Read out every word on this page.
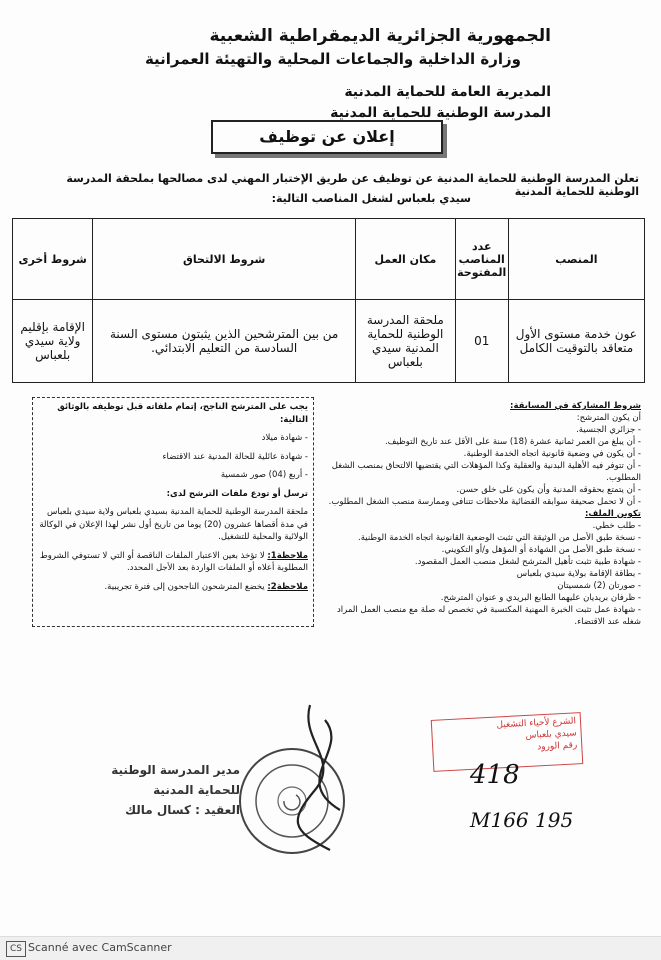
الجمهورية الجزائرية الديمقراطية الشعبية
وزارة الداخلية والجماعات المحلية والتهيئة العمرانية
المديرية العامة للحماية المدنية
المدرسة الوطنية للحماية المدنية
إعلان عن توظيف
تعلن المدرسة الوطنية للحماية المدنية عن توظيف عن طريق الإختبار المهني لدى مصالحها بملحقة المدرسة الوطنية للحماية المدنية
سيدي بلعباس لشغل المناصب التالية:
المنصب	عدد المناصب المفتوحة	مكان العمل	شروط الالتحاق	شروط أخرى
عون خدمة مستوى الأول متعاقد بالتوقيت الكامل	01	ملحقة المدرسة الوطنية للحماية المدنية سيدي بلعباس	من بين المترشحين الذين يثبتون مستوى السنة السادسة من التعليم الابتدائي.	الإقامة بإقليم ولاية سيدي بلعباس
شروط المشاركة في المسابقة:
أن يكون المترشح:
- جزائري الجنسية.
- أن يبلغ من العمر ثمانية عشرة (18) سنة على الأقل عند تاريخ التوظيف.
- أن يكون في وضعية قانونية اتجاه الخدمة الوطنية.
- أن تتوفر فيه الأهلية البدنية والعقلية وكذا المؤهلات التي يقتضيها الالتحاق بمنصب الشغل المطلوب.
- أن يتمتع بحقوقه المدنية وأن يكون على خلق حسن.
- أن لا تحمل صحيفة سوابقه القضائية ملاحظات تتنافى وممارسة منصب الشغل المطلوب.
تكوين الملف:
- طلب خطي.
- نسخة طبق الأصل من الوثيقة التي تثبت الوضعية القانونية اتجاه الخدمة الوطنية.
- نسخة طبق الأصل من الشهادة أو المؤهل و/أو التكويني.
- شهادة طبية تثبت تأهيل المترشح لشغل منصب العمل المقصود.
- بطاقة الإقامة بولاية سيدي بلعباس
- صورتان (2) شمسيتان
- ظرفان بريديان عليهما الطابع البريدي و عنوان المترشح.
- شهادة عمل تثبت الخبرة المهنية المكتسبة في تخصص له صلة مع منصب العمل المراد شغله عند الاقتضاء.
يجب على المترشح الناجح، إتمام ملفاته قبل توظيفه بالوثائق التالية:
- شهادة ميلاد
- شهادة عائلية للحالة المدنية عند الاقتضاء
- أربع (04) صور شمسية
ترسل أو تودع ملفات الترشح لدى:
ملحقة المدرسة الوطنية للحماية المدنية بسيدي بلعباس ولاية سيدي بلعباس في مدة أقصاها عشرون (20) يوما من تاريخ أول نشر لهذا الإعلان في الوكالة الولائية والمحلية للتشغيل.
ملاحظة1: لا تؤخذ بعين الاعتبار الملفات الناقصة أو التي لا تستوفي الشروط المطلوبة أعلاه أو الملفات الواردة بعد الأجل المحدد.
ملاحظة2: يخضع المترشحون الناجحون إلى فترة تجريبية.
الشرع لأحياء التشغيل
سيدي بلعباس
رقم الورود
418
M166 195
مدير المدرسة الوطنية
للحماية المدنية
العقيد : كسال مالك
CS Scanné avec CamScanner
